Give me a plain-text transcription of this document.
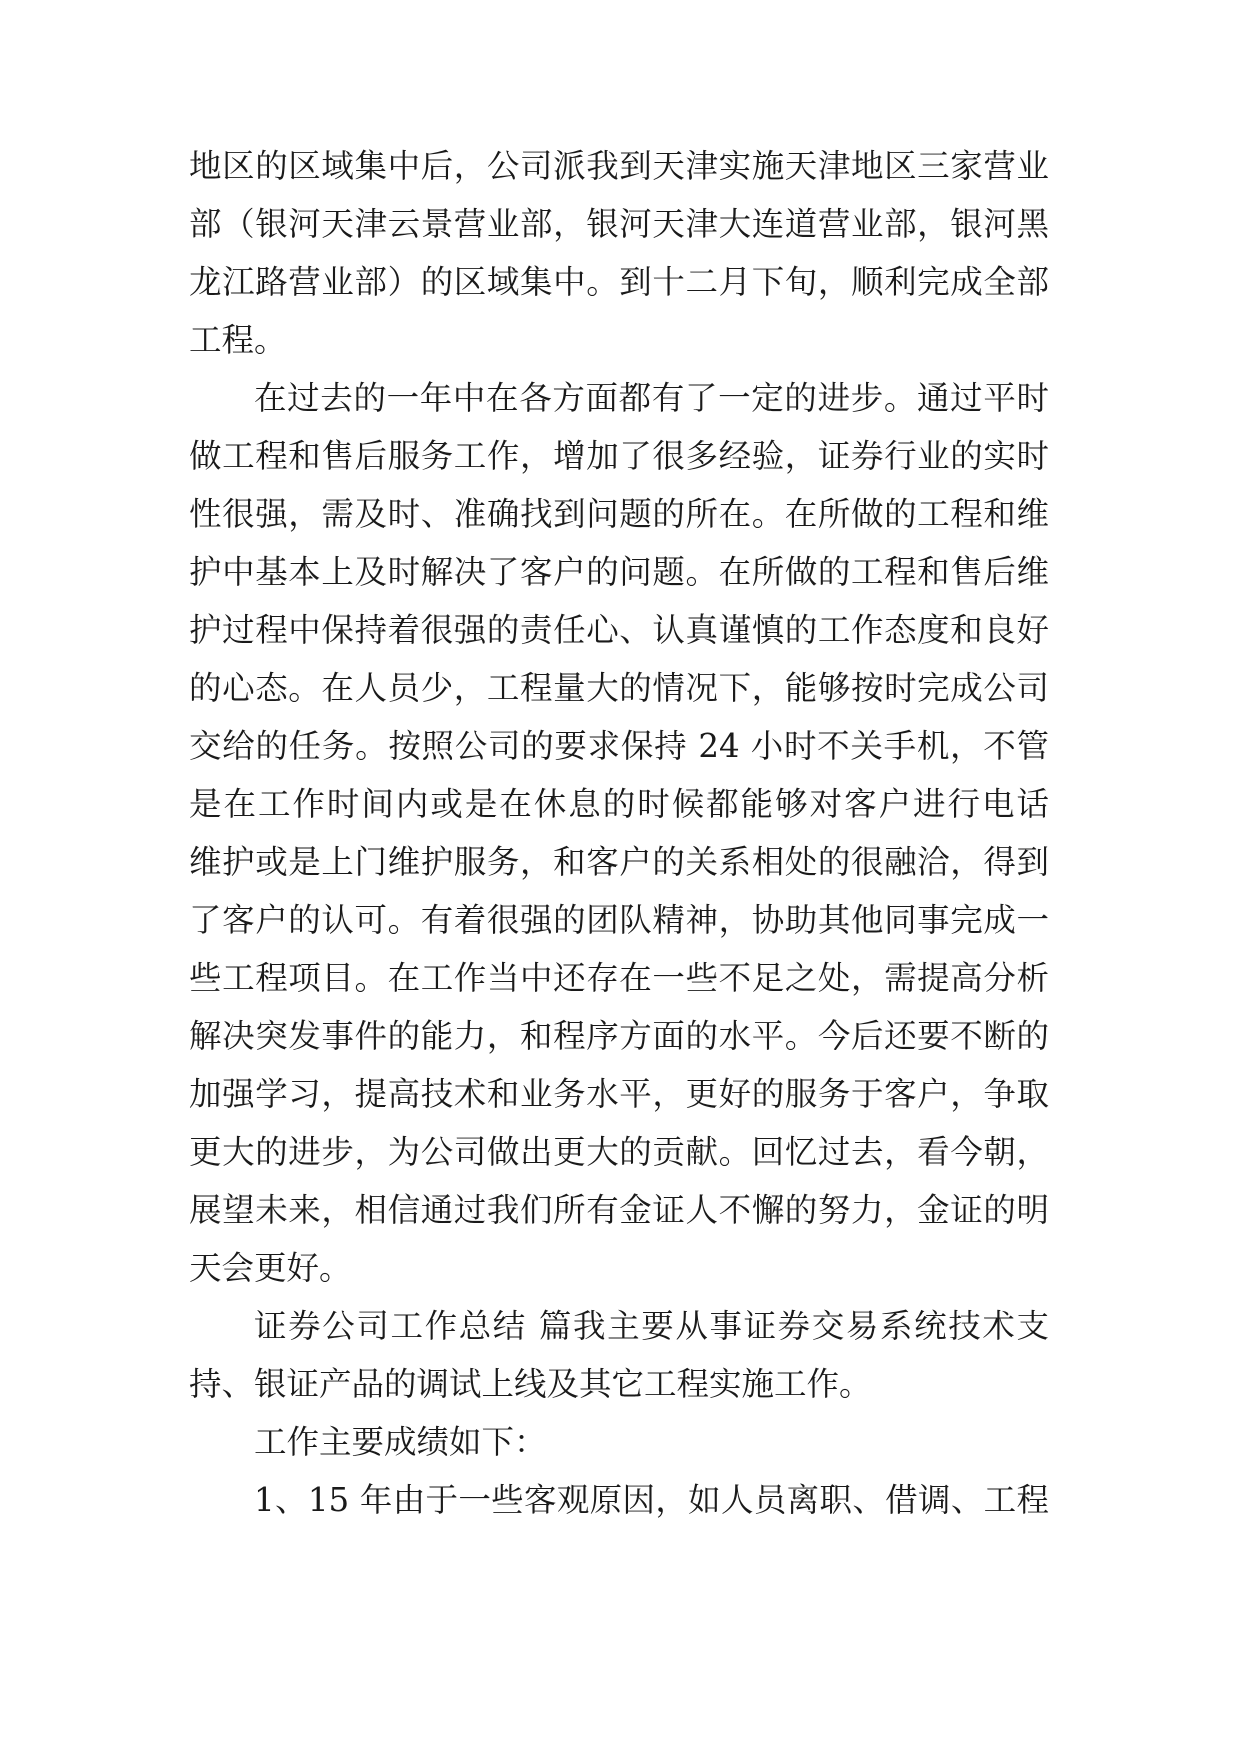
地区的区域集中后，公司派我到天津实施天津地区三家营业
部（银河天津云景营业部，银河天津大连道营业部，银河黑
龙江路营业部）的区域集中。到十二月下旬，顺利完成全部
工程。
在过去的一年中在各方面都有了一定的进步。通过平时
做工程和售后服务工作，增加了很多经验，证券行业的实时
性很强，需及时、准确找到问题的所在。在所做的工程和维
护中基本上及时解决了客户的问题。在所做的工程和售后维
护过程中保持着很强的责任心、认真谨慎的工作态度和良好
的心态。在人员少，工程量大的情况下，能够按时完成公司
交给的任务。按照公司的要求保持 24 小时不关手机，不管
是在工作时间内或是在休息的时候都能够对客户进行电话
维护或是上门维护服务，和客户的关系相处的很融洽，得到
了客户的认可。有着很强的团队精神，协助其他同事完成一
些工程项目。在工作当中还存在一些不足之处，需提高分析
解决突发事件的能力，和程序方面的水平。今后还要不断的
加强学习，提高技术和业务水平，更好的服务于客户，争取
更大的进步，为公司做出更大的贡献。回忆过去，看今朝，
展望未来，相信通过我们所有金证人不懈的努力，金证的明
天会更好。
证券公司工作总结 篇我主要从事证券交易系统技术支
持、银证产品的调试上线及其它工程实施工作。
工作主要成绩如下：
1、15 年由于一些客观原因，如人员离职、借调、工程
